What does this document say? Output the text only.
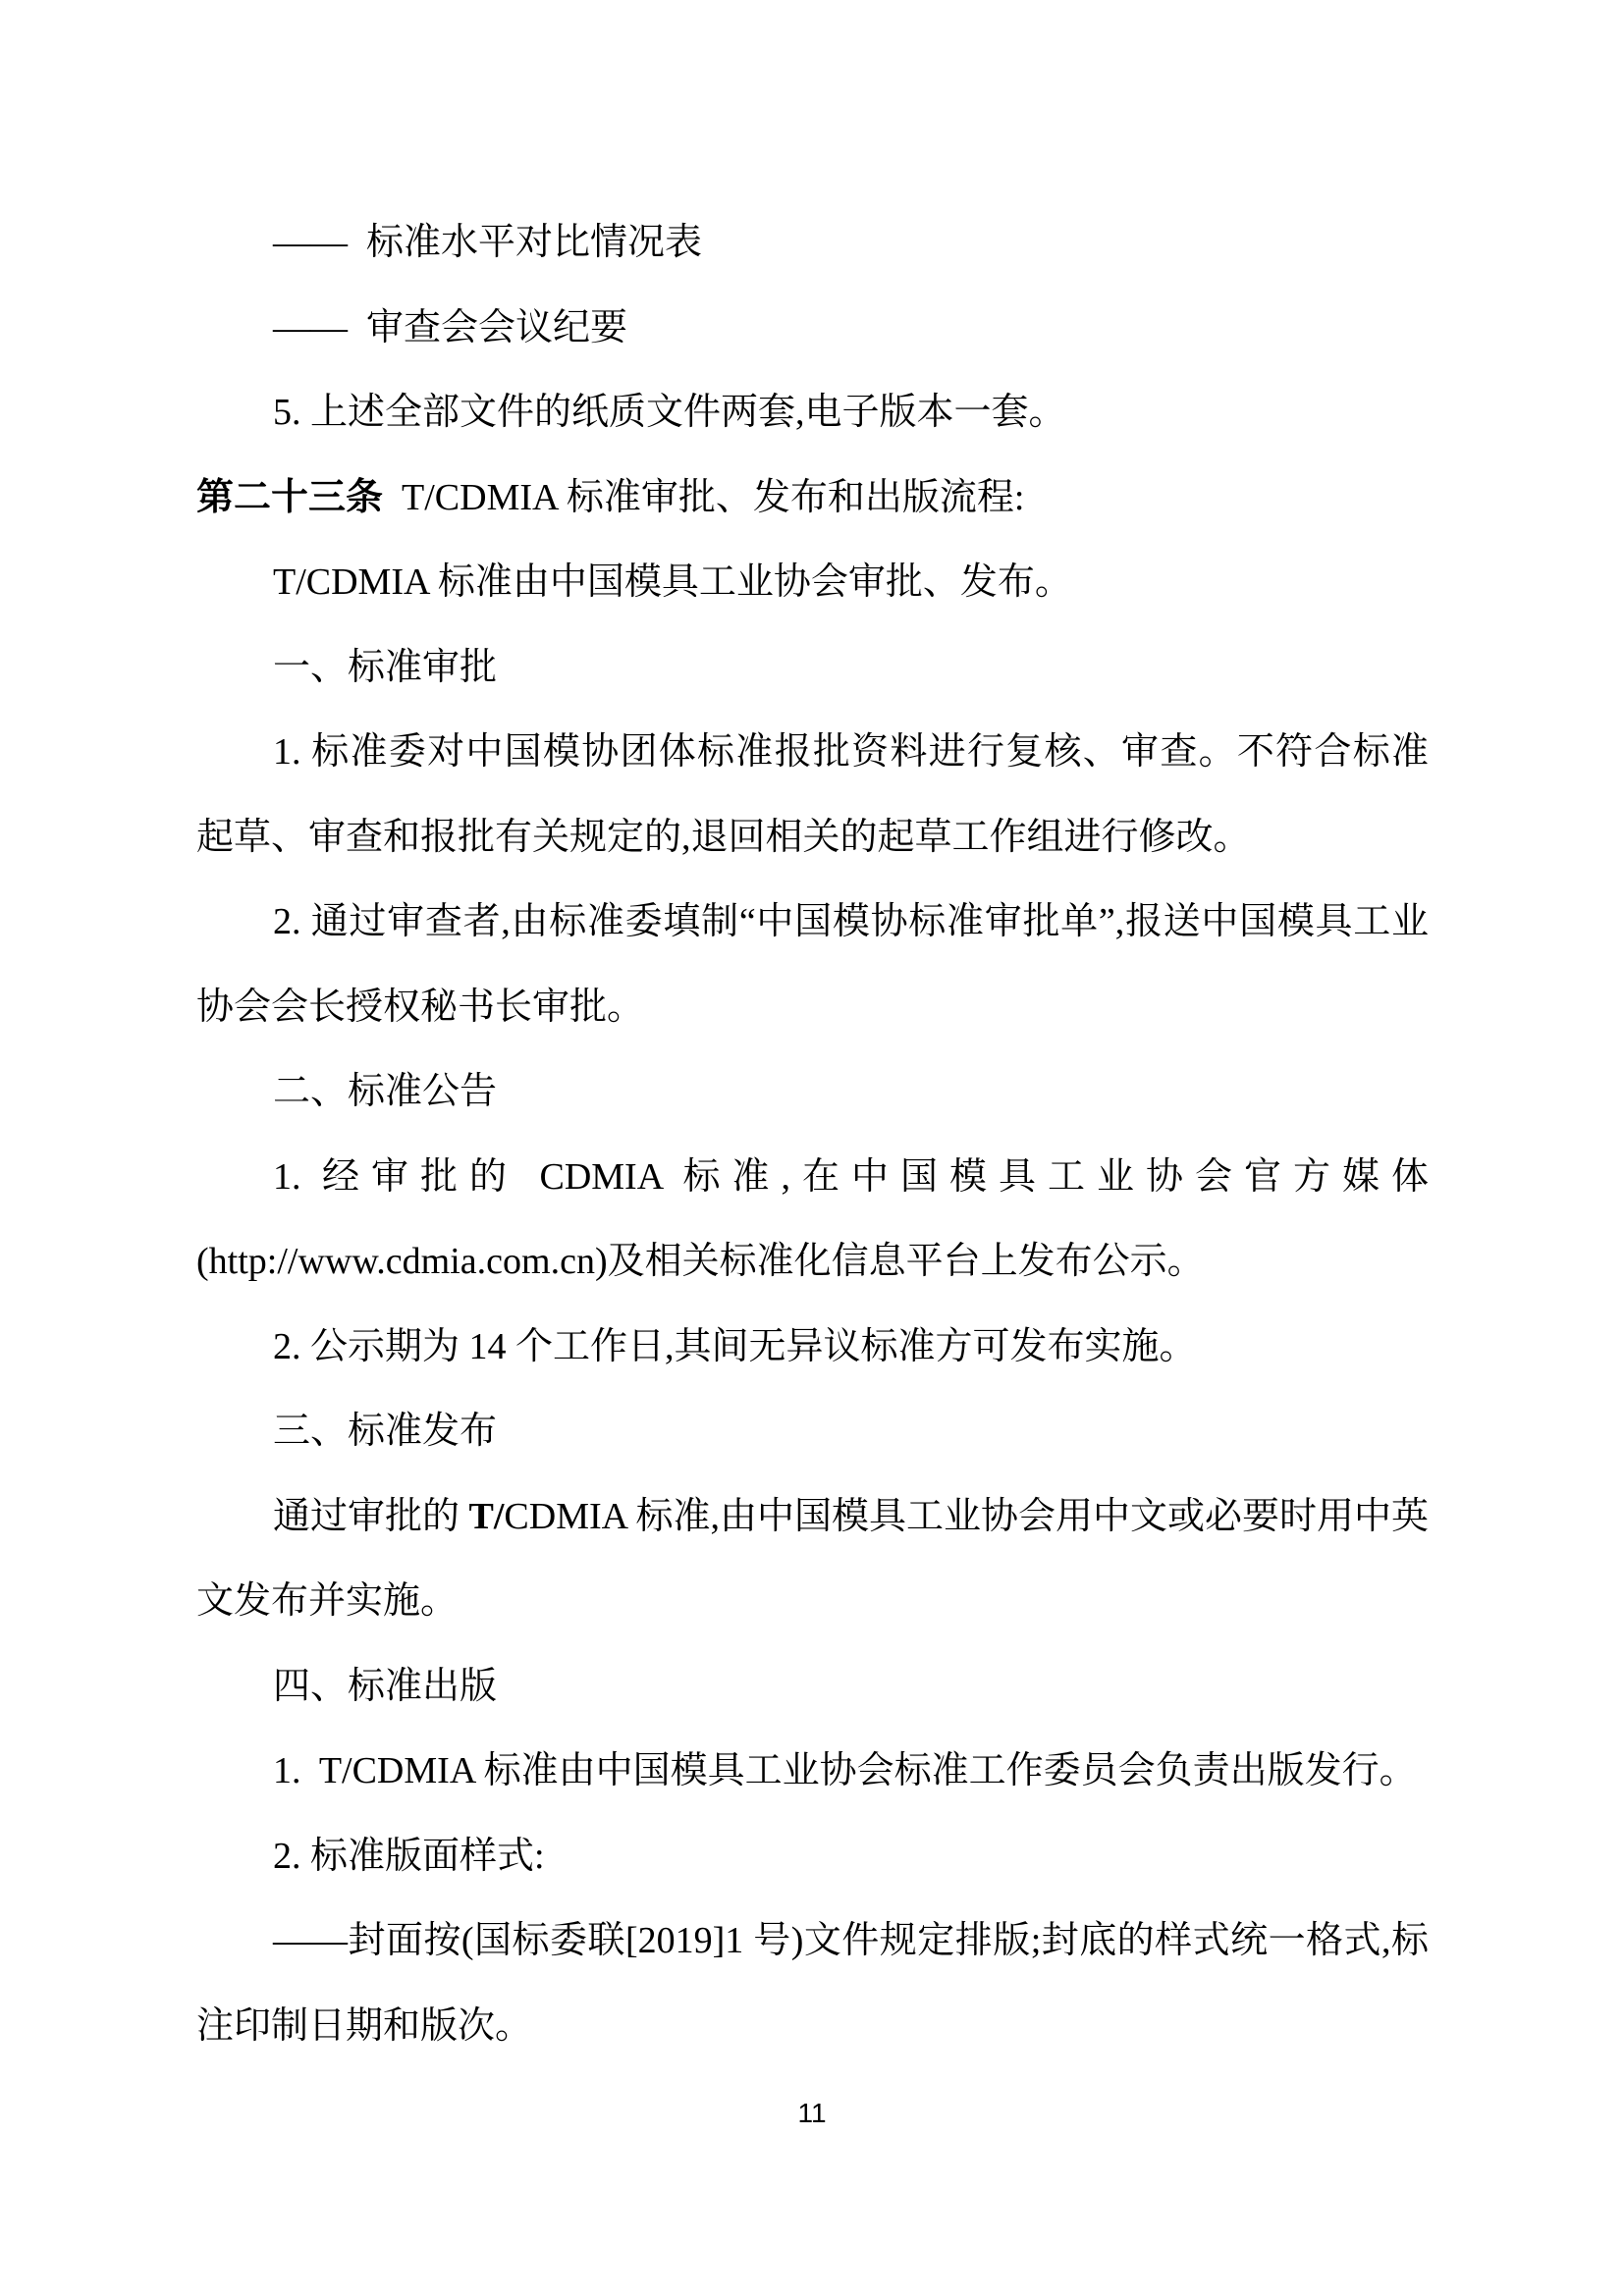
——  标准水平对比情况表

——  审查会会议纪要

5. 上述全部文件的纸质文件两套,电子版本一套。

第二十三条  T/CDMIA 标准审批、发布和出版流程:

T/CDMIA 标准由中国模具工业协会审批、发布。

一、标准审批

1. 标准委对中国模协团体标准报批资料进行复核、审查。不符合标准起草、审查和报批有关规定的,退回相关的起草工作组进行修改。

2. 通过审查者,由标准委填制“中国模协标准审批单”,报送中国模具工业协会会长授权秘书长审批。

二、标准公告

1. 经审批的 CDMIA 标准,在中国模具工业协会官方媒体(http://www.cdmia.com.cn)及相关标准化信息平台上发布公示。

2. 公示期为 14 个工作日,其间无异议标准方可发布实施。

三、标准发布

通过审批的 T/CDMIA 标准,由中国模具工业协会用中文或必要时用中英文发布并实施。

四、标准出版

1.  T/CDMIA 标准由中国模具工业协会标准工作委员会负责出版发行。

2. 标准版面样式:

——封面按(国标委联[2019]1 号)文件规定排版;封底的样式统一格式,标注印制日期和版次。

11
